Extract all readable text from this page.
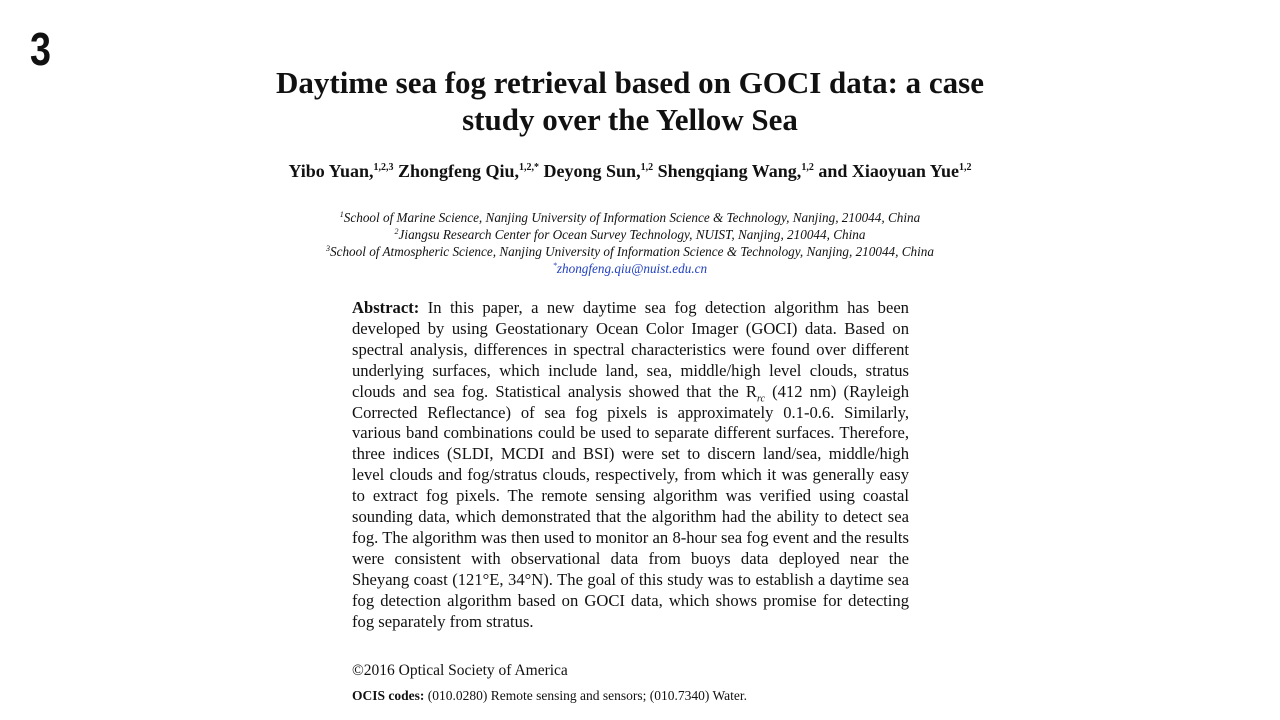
3
Daytime sea fog retrieval based on GOCI data: a case study over the Yellow Sea
Yibo Yuan,$^{1,2,3}$ Zhongfeng Qiu,$^{1,2,*}$ Deyong Sun,$^{1,2}$ Shengqiang Wang,$^{1,2}$ and Xiaoyuan Yue$^{1,2}$
$^1$School of Marine Science, Nanjing University of Information Science & Technology, Nanjing, 210044, China
$^2$Jiangsu Research Center for Ocean Survey Technology, NUIST, Nanjing, 210044, China
$^3$School of Atmospheric Science, Nanjing University of Information Science & Technology, Nanjing, 210044, China
*zhongfeng.qiu@nuist.edu.cn
Abstract: In this paper, a new daytime sea fog detection algorithm has been developed by using Geostationary Ocean Color Imager (GOCI) data. Based on spectral analysis, differences in spectral characteristics were found over different underlying surfaces, which include land, sea, middle/high level clouds, stratus clouds and sea fog. Statistical analysis showed that the $R_{rc}$ (412 nm) (Rayleigh Corrected Reflectance) of sea fog pixels is approximately 0.1-0.6. Similarly, various band combinations could be used to separate different surfaces. Therefore, three indices (SLDI, MCDI and BSI) were set to discern land/sea, middle/high level clouds and fog/stratus clouds, respectively, from which it was generally easy to extract fog pixels. The remote sensing algorithm was verified using coastal sounding data, which demonstrated that the algorithm had the ability to detect sea fog. The algorithm was then used to monitor an 8-hour sea fog event and the results were consistent with observational data from buoys data deployed near the Sheyang coast (121°E, 34°N). The goal of this study was to establish a daytime sea fog detection algorithm based on GOCI data, which shows promise for detecting fog separately from stratus.
©2016 Optical Society of America
OCIS codes: (010.0280) Remote sensing and sensors; (010.7340) Water.
